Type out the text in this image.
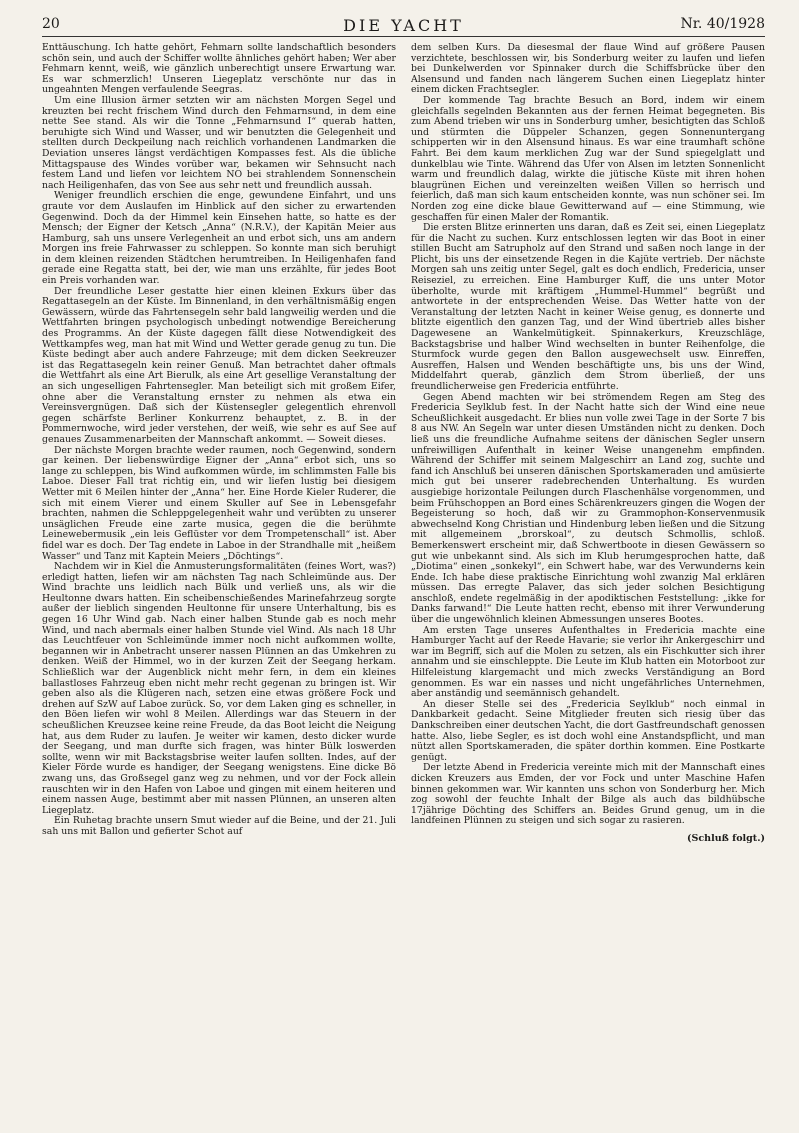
20	DIE YACHT	Nr. 40/1928

Enttäuschung. Ich hatte gehört, Fehmarn sollte landschaftlich besonders schön sein, und auch der Schiffer wollte ähnliches gehört haben; Wer aber Fehmarn kennt, weiß, wie gänzlich unberechtigt unsere Erwartung war. Es war schmerzlich! Unseren Liegeplatz verschönte nur das in ungeahnten Mengen verfaulende Seegras.

Um eine Illusion ärmer setzten wir am nächsten Morgen Segel und kreuzten bei recht frischem Wind durch den Fehmarnsund, in dem eine nette See stand. Als wir die Tonne „Fehmarnsund I“ querab hatten, beruhigte sich Wind und Wasser, und wir benutzten die Gelegenheit und stellten durch Deckpeilung nach reichlich vorhandenen Landmarken die Deviation unseres längst verdächtigen Kompasses fest. Als die übliche Mittagspause des Windes vorüber war, bekamen wir Sehnsucht nach festem Land und liefen vor leichtem NO bei strahlendem Sonnenschein nach Heiligenhafen, das von See aus sehr nett und freundlich aussah.

Weniger freundlich erschien die enge, gewundene Einfahrt, und uns graute vor dem Auslaufen im Hinblick auf den sicher zu erwartenden Gegenwind. Doch da der Himmel kein Einsehen hatte, so hatte es der Mensch; der Eigner der Ketsch „Anna“ (N.R.V.), der Kapitän Meier aus Hamburg, sah uns unsere Verlegenheit an und erbot sich, uns am andern Morgen ins freie Fahrwasser zu schleppen. So konnte man sich beruhigt in dem kleinen reizenden Städtchen herumtreiben. In Heiligenhafen fand gerade eine Regatta statt, bei der, wie man uns erzählte, für jedes Boot ein Preis vorhanden war.

Der freundliche Leser gestatte hier einen kleinen Exkurs über das Regattasegeln an der Küste. Im Binnenland, in den verhältnismäßig engen Gewässern, würde das Fahrtensegeln sehr bald langweilig werden und die Wettfahrten bringen psychologisch unbedingt notwendige Bereicherung des Programms. An der Küste dagegen fällt diese Notwendigkeit des Wettkampfes weg, man hat mit Wind und Wetter gerade genug zu tun. Die Küste bedingt aber auch andere Fahrzeuge; mit dem dicken Seekreuzer ist das Regattasegeln kein reiner Genuß. Man betrachtet daher oftmals die Wettfahrt als eine Art Bierulk, als eine Art gesellige Veranstaltung der an sich ungeselligen Fahrtensegler. Man beteiligt sich mit großem Eifer, ohne aber die Veranstaltung ernster zu nehmen als etwa ein Vereinsvergnügen. Daß sich der Küstensegler gelegentlich ehrenvoll gegen schärfste Berliner Konkurrenz behauptet, z. B. in der Pommernwoche, wird jeder verstehen, der weiß, wie sehr es auf See auf genaues Zusammenarbeiten der Mannschaft ankommt. — Soweit dieses.

Der nächste Morgen brachte weder raumen, noch Gegenwind, sondern gar keinen. Der liebenswürdige Eigner der „Anna“ erbot sich, uns so lange zu schleppen, bis Wind aufkommen würde, im schlimmsten Falle bis Laboe. Dieser Fall trat richtig ein, und wir liefen lustig bei diesigem Wetter mit 6 Meilen hinter der „Anna“ her. Eine Horde Kieler Ruderer, die sich mit einem Vierer und einem Skuller auf See in Lebensgefahr brachten, nahmen die Schleppgelegenheit wahr und verübten zu unserer unsäglichen Freude eine zarte musica, gegen die die berühmte Leinewebermusik „ein leis Geflüster vor dem Trompetenschall“ ist. Aber fidel war es doch. Der Tag endete in Laboe in der Strandhalle mit „heißem Wasser“ und Tanz mit Kaptein Meiers „Döchtings“.

Nachdem wir in Kiel die Anmusterungsformalitäten (feines Wort, was?) erledigt hatten, liefen wir am nächsten Tag nach Schleimünde aus. Der Wind brachte uns leidlich nach Bülk und verließ uns, als wir die Heultonne dwars hatten. Ein scheibenschießendes Marinefahrzeug sorgte außer der lieblich singenden Heultonne für unsere Unterhaltung, bis es gegen 16 Uhr Wind gab. Nach einer halben Stunde gab es noch mehr Wind, und nach abermals einer halben Stunde viel Wind. Als nach 18 Uhr das Leuchtfeuer von Schleimünde immer noch nicht aufkommen wollte, begannen wir in Anbetracht unserer nassen Plünnen an das Umkehren zu denken. Weiß der Himmel, wo in der kurzen Zeit der Seegang herkam. Schließlich war der Augenblick nicht mehr fern, in dem ein kleines ballastloses Fahrzeug eben nicht mehr recht gegenan zu bringen ist. Wir geben also als die Klügeren nach, setzen eine etwas größere Fock und drehen auf SzW auf Laboe zurück. So, vor dem Laken ging es schneller, in den Böen liefen wir wohl 8 Meilen. Allerdings war das Steuern in der scheußlichen Kreuzsee keine reine Freude, da das Boot leicht die Neigung hat, aus dem Ruder zu laufen. Je weiter wir kamen, desto dicker wurde der Seegang, und man durfte sich fragen, was hinter Bülk loswerden sollte, wenn wir mit Backstagsbrise weiter laufen sollten. Indes, auf der Kieler Förde wurde es handiger, der Seegang wenigstens. Eine dicke Bö zwang uns, das Großsegel ganz weg zu nehmen, und vor der Fock allein rauschten wir in den Hafen von Laboe und gingen mit einem heiteren und einem nassen Auge, bestimmt aber mit nassen Plünnen, an unseren alten Liegeplatz.

Ein Ruhetag brachte unsern Smut wieder auf die Beine, und der 21. Juli sah uns mit Ballon und gefierter Schot auf

dem selben Kurs. Da diesesmal der flaue Wind auf größere Pausen verzichtete, beschlossen wir, bis Sonderburg weiter zu laufen und liefen bei Dunkelwerden vor Spinnaker durch die Schiffsbrücke über den Alsensund und fanden nach längerem Suchen einen Liegeplatz hinter einem dicken Frachtsegler.

Der kommende Tag brachte Besuch an Bord, indem wir einem gleichfalls segelnden Bekannten aus der fernen Heimat begegneten. Bis zum Abend trieben wir uns in Sonderburg umher, besichtigten das Schloß und stürmten die Düppeler Schanzen, gegen Sonnenuntergang schipperten wir in den Alsensund hinaus. Es war eine traumhaft schöne Fahrt. Bei dem kaum merklichen Zug war der Sund spiegelglatt und dunkelblau wie Tinte. Während das Ufer von Alsen im letzten Sonnenlicht warm und freundlich dalag, wirkte die jütische Küste mit ihren hohen blaugrünen Eichen und vereinzelten weißen Villen so herrisch und feierlich, daß man sich kaum entscheiden konnte, was nun schöner sei. Im Norden zog eine dicke blaue Gewitterwand auf — eine Stimmung, wie geschaffen für einen Maler der Romantik.

Die ersten Blitze erinnerten uns daran, daß es Zeit sei, einen Liegeplatz für die Nacht zu suchen. Kurz entschlossen legten wir das Boot in einer stillen Bucht am Satrupholz auf den Strand und saßen noch lange in der Plicht, bis uns der einsetzende Regen in die Kajüte vertrieb. Der nächste Morgen sah uns zeitig unter Segel, galt es doch endlich, Fredericia, unser Reiseziel, zu erreichen. Eine Hamburger Kuff, die uns unter Motor überholte, wurde mit kräftigem „Hummel-Hummel“ begrüßt und antwortete in der entsprechenden Weise. Das Wetter hatte von der Veranstaltung der letzten Nacht in keiner Weise genug, es donnerte und blitzte eigentlich den ganzen Tag, und der Wind übertrieb alles bisher Dagewesene an Wankelmütigkeit. Spinnakerkurs, Kreuzschläge, Backstagsbrise und halber Wind wechselten in bunter Reihenfolge, die Sturmfock wurde gegen den Ballon ausgewechselt usw. Einreffen, Ausreffen, Halsen und Wenden beschäftigte uns, bis uns der Wind, Middelfahrt querab, gänzlich dem Strom überließ, der uns freundlicherweise gen Fredericia entführte.

Gegen Abend machten wir bei strömendem Regen am Steg des Fredericia Seylklub fest. In der Nacht hatte sich der Wind eine neue Scheußlichkeit ausgedacht. Er blies nun volle zwei Tage in der Sorte 7 bis 8 aus NW. An Segeln war unter diesen Umständen nicht zu denken. Doch ließ uns die freundliche Aufnahme seitens der dänischen Segler unsern unfreiwilligen Aufenthalt in keiner Weise unangenehm empfinden. Während der Schiffer mit seinem Malgeschirr an Land zog, suchte und fand ich Anschluß bei unseren dänischen Sportskameraden und amüsierte mich gut bei unserer radebrechenden Unterhaltung. Es wurden ausgiebige horizontale Peilungen durch Flaschenhälse vorgenommen, und beim Frühschoppen an Bord eines Schärenkreuzers gingen die Wogen der Begeisterung so hoch, daß wir zu Grammophon-Konservenmusik abwechselnd Kong Christian und Hindenburg leben ließen und die Sitzung mit allgemeinem „brorskoal“, zu deutsch Schmollis, schloß. Bemerkenswert erscheint mir, daß Schwertboote in diesen Gewässern so gut wie unbekannt sind. Als sich im Klub herumgesprochen hatte, daß „Diotima“ einen „sonkekyl“, ein Schwert habe, war des Verwunderns kein Ende. Ich habe diese praktische Einrichtung wohl zwanzig Mal erklären müssen. Das erregte Palaver, das sich jeder solchen Besichtigung anschloß, endete regelmäßig in der apodiktischen Feststellung: „ikke for Danks farwand!“ Die Leute hatten recht, ebenso mit ihrer Verwunderung über die ungewöhnlich kleinen Abmessungen unseres Bootes.

Am ersten Tage unseres Aufenthaltes in Fredericia machte eine Hamburger Yacht auf der Reede Havarie; sie verlor ihr Ankergeschirr und war im Begriff, sich auf die Molen zu setzen, als ein Fischkutter sich ihrer annahm und sie einschleppte. Die Leute im Klub hatten ein Motorboot zur Hilfeleistung klargemacht und mich zwecks Verständigung an Bord genommen. Es war ein nasses und nicht ungefährliches Unternehmen, aber anständig und seemännisch gehandelt.

An dieser Stelle sei des „Fredericia Seylklub“ noch einmal in Dankbarkeit gedacht. Seine Mitglieder freuten sich riesig über das Dankschreiben einer deutschen Yacht, die dort Gastfreundschaft genossen hatte. Also, liebe Segler, es ist doch wohl eine Anstandspflicht, und man nützt allen Sportskameraden, die später dorthin kommen. Eine Postkarte genügt.

Der letzte Abend in Fredericia vereinte mich mit der Mannschaft eines dicken Kreuzers aus Emden, der vor Fock und unter Maschine Hafen binnen gekommen war. Wir kannten uns schon von Sonderburg her. Mich zog sowohl der feuchte Inhalt der Bilge als auch das bildhübsche 17jährige Döchting des Schiffers an. Beides Grund genug, um in die landfeinen Plünnen zu steigen und sich sogar zu rasieren.

(Schluß folgt.)
